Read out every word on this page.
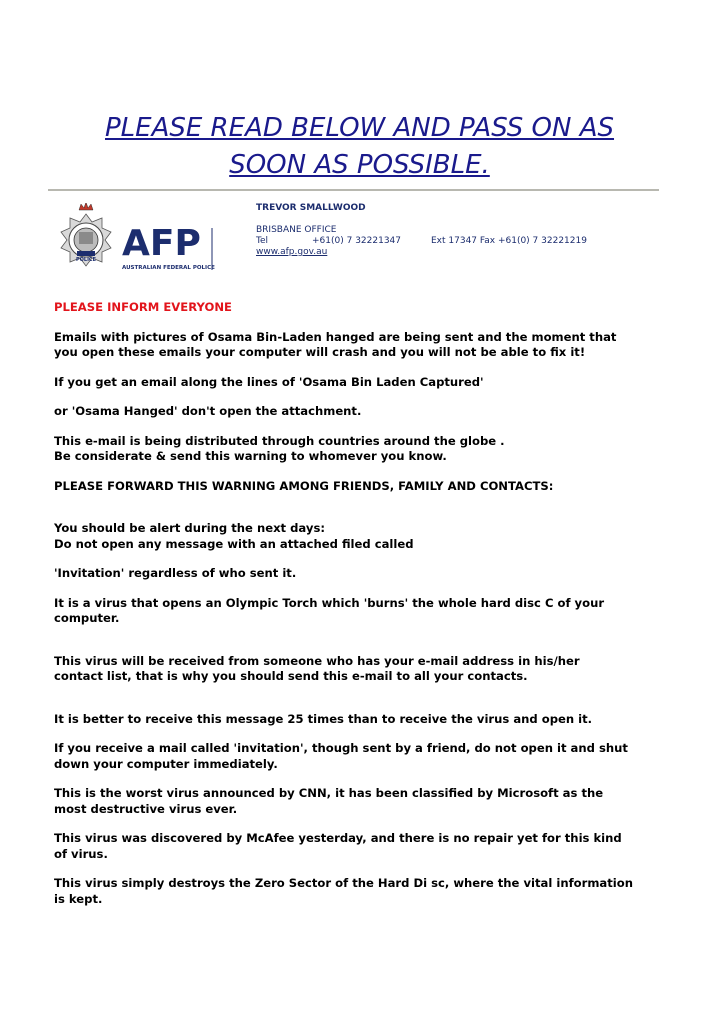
PLEASE READ BELOW AND PASS ON AS
SOON AS POSSIBLE.
POLICE AFP
AUSTRALIAN FEDERAL POLICE
TREVOR SMALLWOOD
BRISBANE OFFICE
Tel	+61(0) 7 32221347	Ext 17347 Fax +61(0) 7 32221219
www.afp.gov.au

PLEASE INFORM EVERYONE

Emails with pictures of Osama Bin-Laden hanged are being sent and the moment that
you open these emails your computer will crash and you will not be able to fix it!

If you get an email along the lines of 'Osama Bin Laden Captured'

or 'Osama Hanged' don't open the attachment.

This e-mail is being distributed through countries around the globe .
Be considerate & send this warning to whomever you know.

PLEASE FORWARD THIS WARNING AMONG FRIENDS, FAMILY AND CONTACTS:

You should be alert during the next days:
Do not open any message with an attached filed called

'Invitation' regardless of who sent it.

It is a virus that opens an Olympic Torch which 'burns' the whole hard disc C of your
computer.

This virus will be received from someone who has your e-mail address in his/her
contact list, that is why you should send this e-mail to all your contacts.

It is better to receive this message 25 times than to receive the virus and open it.

If you receive a mail called 'invitation', though sent by a friend, do not open it and shut
down your computer immediately.

This is the worst virus announced by CNN, it has been classified by Microsoft as the
most destructive virus ever.

This virus was discovered by McAfee yesterday, and there is no repair yet for this kind
of virus.

This virus simply destroys the Zero Sector of the Hard Di sc, where the vital information
is kept.
